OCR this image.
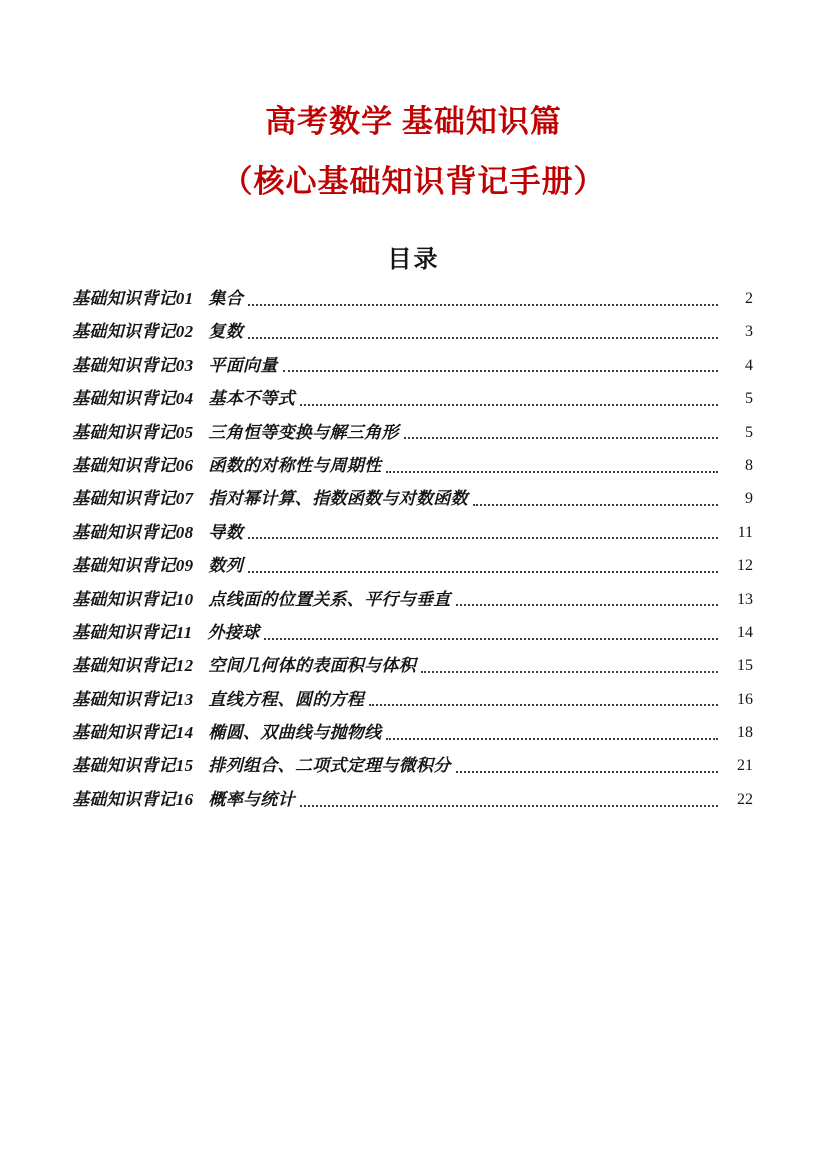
高考数学 基础知识篇
（核心基础知识背记手册）
目录
基础知识背记01 集合	2
基础知识背记02 复数	3
基础知识背记03 平面向量	4
基础知识背记04 基本不等式	5
基础知识背记05 三角恒等变换与解三角形	5
基础知识背记06 函数的对称性与周期性	8
基础知识背记07 指对幂计算、指数函数与对数函数	9
基础知识背记08 导数	11
基础知识背记09 数列	12
基础知识背记10 点线面的位置关系、平行与垂直	13
基础知识背记11 外接球	14
基础知识背记12 空间几何体的表面积与体积	15
基础知识背记13 直线方程、圆的方程	16
基础知识背记14 椭圆、双曲线与抛物线	18
基础知识背记15 排列组合、二项式定理与微积分	21
基础知识背记16 概率与统计	22
